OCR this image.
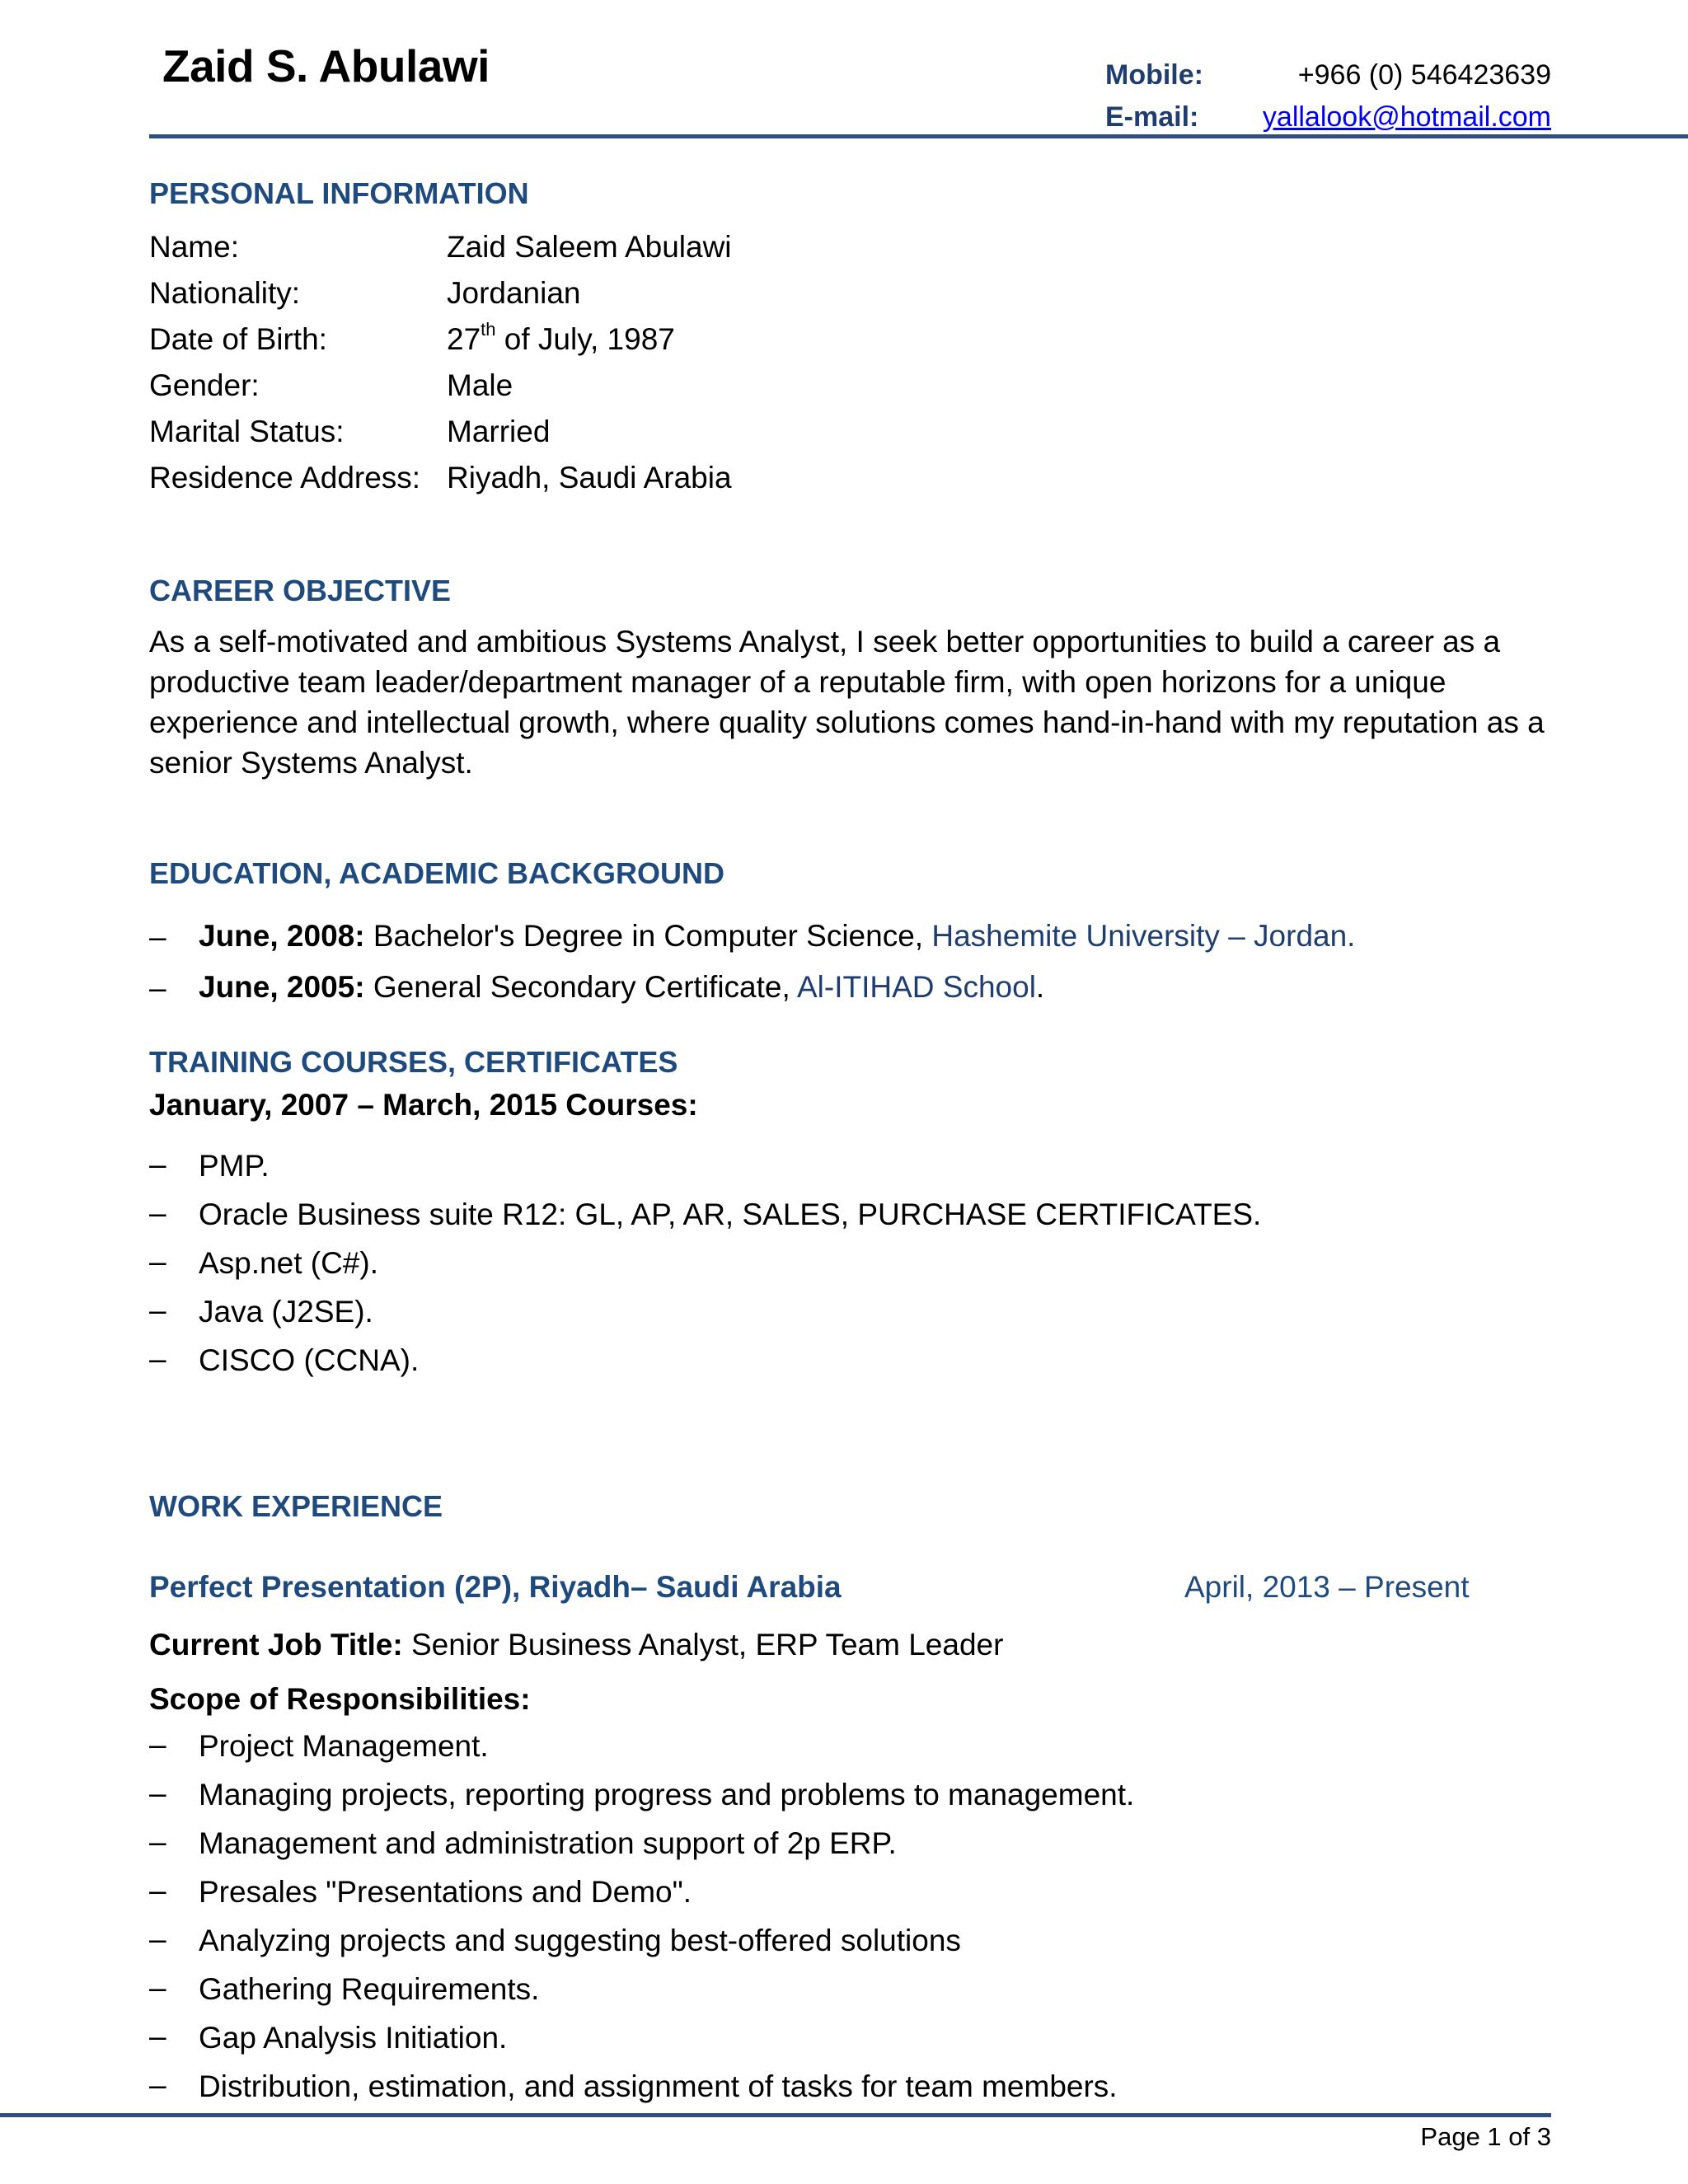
Zaid S. Abulawi	Mobile:	+966 (0) 546423639
E-mail: yallalook@hotmail.com
PERSONAL INFORMATION
Name:	Zaid Saleem Abulawi
Nationality:	Jordanian
Date of Birth:	27th of July, 1987
Gender:	Male
Marital Status:	Married
Residence Address: Riyadh, Saudi Arabia
CAREER OBJECTIVE
As a self-motivated and ambitious Systems Analyst, I seek better opportunities to build a career as a productive team leader/department manager of a reputable firm, with open horizons for a unique experience and intellectual growth, where quality solutions comes hand-in-hand with my reputation as a senior Systems Analyst.
EDUCATION, ACADEMIC BACKGROUND
– June, 2008: Bachelor's Degree in Computer Science, Hashemite University – Jordan.
– June, 2005: General Secondary Certificate, Al-ITIHAD School.
TRAINING COURSES, CERTIFICATES
January, 2007 – March, 2015 Courses:
– PMP.
– Oracle Business suite R12: GL, AP, AR, SALES, PURCHASE CERTIFICATES.
– Asp.net (C#).
– Java (J2SE).
– CISCO (CCNA).
WORK EXPERIENCE
Perfect Presentation (2P), Riyadh– Saudi Arabia	April, 2013 – Present
Current Job Title: Senior Business Analyst, ERP Team Leader
Scope of Responsibilities:
– Project Management.
– Managing projects, reporting progress and problems to management.
– Management and administration support of 2p ERP.
– Presales "Presentations and Demo".
– Analyzing projects and suggesting best-offered solutions
– Gathering Requirements.
– Gap Analysis Initiation.
– Distribution, estimation, and assignment of tasks for team members.
Page 1 of 3
